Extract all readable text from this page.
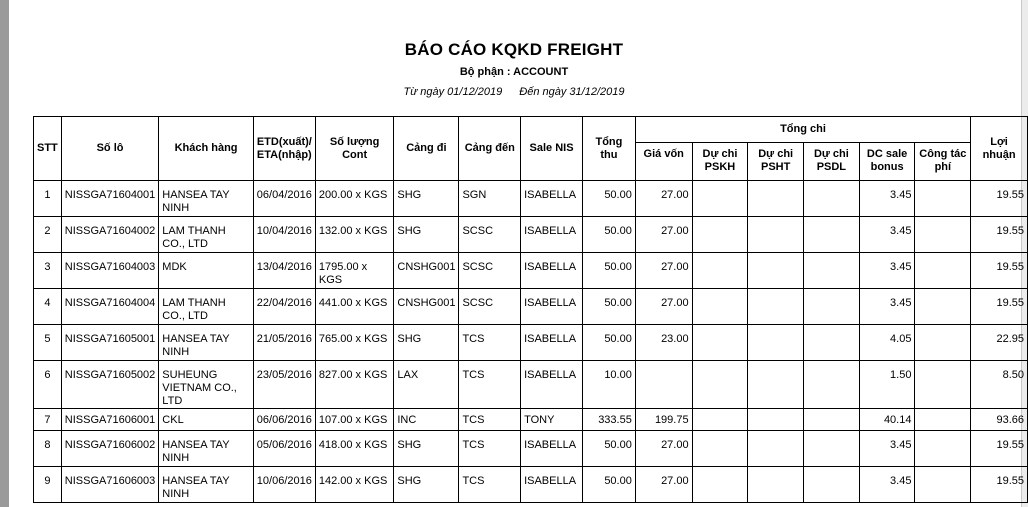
BÁO CÁO KQKD FREIGHT
Bộ phận : ACCOUNT
Từ ngày 01/12/2019 Đến ngày 31/12/2019
STT	Số lô	Khách hàng	ETD(xuất)/ ETA(nhập)	Số lượng Cont	Cảng đi	Cảng đến	Sale NIS	Tổng thu	Tổng chi						Lợi nhuận
									Giá vốn	Dự chi PSKH	Dự chi PSHT	Dự chi PSDL	DC sale bonus	Công tác phí	
1	NISSGA71604001	HANSEA TAY NINH	06/04/2016	200.00 x KGS	SHG	SGN	ISABELLA	50.00	27.00				3.45		19.55
2	NISSGA71604002	LAM THANH CO., LTD	10/04/2016	132.00 x KGS	SHG	SCSC	ISABELLA	50.00	27.00				3.45		19.55
3	NISSGA71604003	MDK	13/04/2016	1795.00 x KGS	CNSHG001	SCSC	ISABELLA	50.00	27.00				3.45		19.55
4	NISSGA71604004	LAM THANH CO., LTD	22/04/2016	441.00 x KGS	CNSHG001	SCSC	ISABELLA	50.00	27.00				3.45		19.55
5	NISSGA71605001	HANSEA TAY NINH	21/05/2016	765.00 x KGS	SHG	TCS	ISABELLA	50.00	23.00				4.05		22.95
6	NISSGA71605002	SUHEUNG VIETNAM CO., LTD	23/05/2016	827.00 x KGS	LAX	TCS	ISABELLA	10.00					1.50		8.50
7	NISSGA71606001	CKL	06/06/2016	107.00 x KGS	INC	TCS	TONY	333.55	199.75				40.14		93.66
8	NISSGA71606002	HANSEA TAY NINH	05/06/2016	418.00 x KGS	SHG	TCS	ISABELLA	50.00	27.00				3.45		19.55
9	NISSGA71606003	HANSEA TAY NINH	10/06/2016	142.00 x KGS	SHG	TCS	ISABELLA	50.00	27.00				3.45		19.55
